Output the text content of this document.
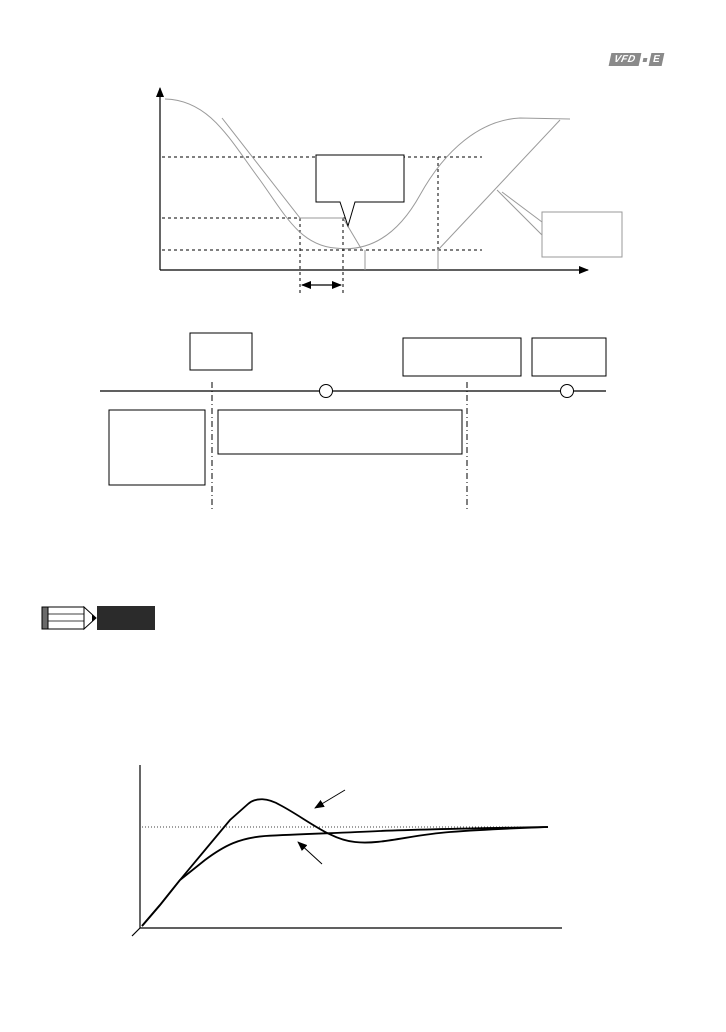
VFD	E
